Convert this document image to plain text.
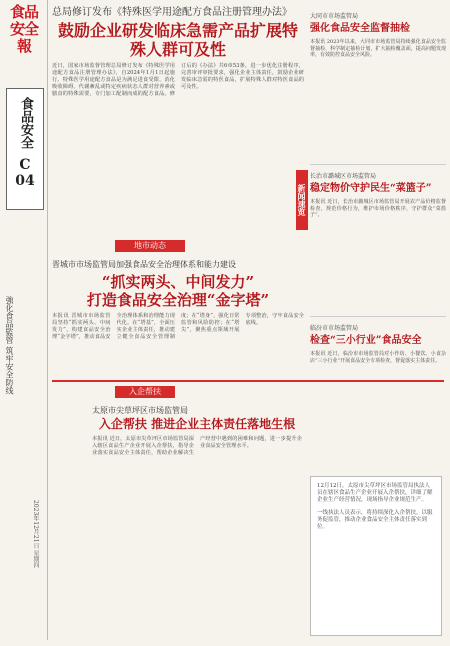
食品安全報
食品安全
C
04
強化食品監管 筑牢安全防线
2023年12月21日 星期四
总局修订发布《特殊医学用途配方食品注册管理办法》
鼓励企业研发临床急需产品扩展特殊人群可及性
近日，国家市场监督管理总局修订发布《特殊医学用途配方食品注册管理办法》，自2024年1月1日起施行。特殊医学用途配方食品是为满足进食受限、消化吸收障碍、代谢紊乱或特定疾病状态人群对营养素或膳食的特殊需要，专门加工配制而成的配方食品。修订后的《办法》共6章53条，进一步优化注册程序，完善审评审批要求，强化企业主体责任，鼓励企业研发临床急需的特医食品，扩展特殊人群对特医食品的可及性。
地市动态
晋城市市场监管局加强食品安全治理体系和能力建设
“抓实两头、中间发力”
打造食品安全治理“金字塔”
本报讯 晋城市市场监管局坚持“抓实两头、中间发力”，构建食品安全治理“金字塔”，推动食品安全治理体系和治理能力现代化。在“塔基”，全面压实企业主体责任，推动建立健全食品安全管理制度；在“塔身”，强化日常监管和风险防控；在“塔尖”，聚焦重点领域开展专项整治，守牢食品安全底线。
入企帮扶
太原市尖草坪区市场监管局
入企帮扶 推进企业主体责任落地生根
本报讯 近日，太原市尖草坪区市场监管局深入辖区食品生产企业开展入企帮扶，指导企业落实食品安全主体责任，帮助企业解决生产经营中遇到的困难和问题，进一步提升企业食品安全管理水平。
新闻速览
大同市市场监管局
强化食品安全监督抽检
本报讯 2023年以来，大同市市场监管局持续强化食品安全监督抽检，科学制定抽检计划，扩大抽检覆盖面，提高问题发现率，有效防控食品安全风险。
长治市潞城区市场监管局
稳定物价守护民生“菜篮子”
本报讯 近日，长治市潞城区市场监管局开展农产品价格监督检查，规范价格行为，维护市场价格秩序，守护群众“菜篮子”。
临汾市市场监管局
检查“三小行业”食品安全
本报讯 近日，临汾市市场监管局对小作坊、小餐饮、小食杂店“三小行业”开展食品安全专项检查，督促落实主体责任。
12月12日，太原市尖草坪区市场监管局执法人员在辖区食品生产企业开展入企帮扶，详细了解企业生产经营情况，现场指导企业规范生产。
一线执法人员表示，将持续深化入企帮扶，以服务促监管，推动企业食品安全主体责任落实到位。
